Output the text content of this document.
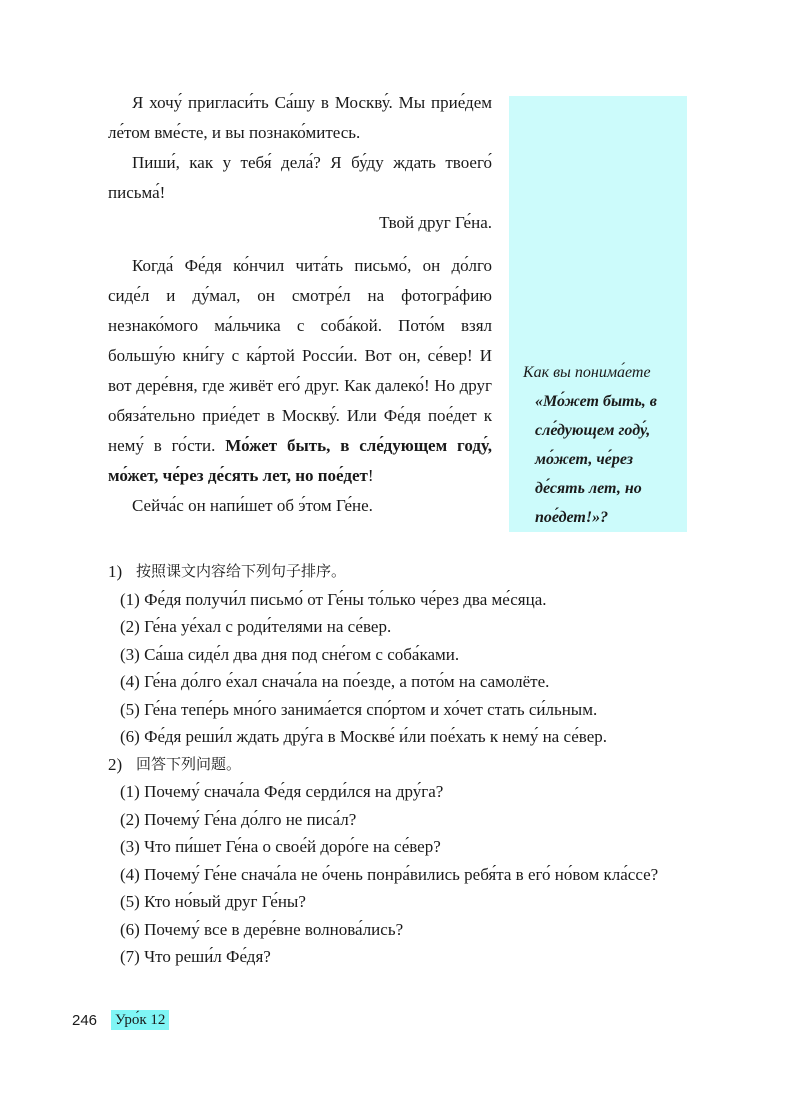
Я хочу́ пригласи́ть Са́шу в Москву́. Мы прие́дем ле́том вме́сте, и вы познако́митесь.

Пиши́, как у тебя́ дела́? Я бу́ду ждать твоего́ письма́!

Твой друг Ге́на.

Когда́ Фе́дя ко́нчил чита́ть письмо́, он до́лго сиде́л и ду́мал, он смотре́л на фотогра́фию незнако́мого ма́льчика с соба́кой. Пото́м взял большу́ю кни́гу с ка́ртой Росси́и. Вот он, се́вер! И вот дере́вня, где живёт его́ друг. Как далеко́! Но друг обяза́тельно прие́дет в Москву́. Или Фе́дя пое́дет к нему́ в го́сти. Мо́жет быть, в сле́дующем году́, мо́жет, че́рез де́сять лет, но пое́дет!

Сейча́с он напи́шет об э́том Ге́не.

Как вы понима́ете
«Мо́жет быть, в сле́дующем году́, мо́жет, че́рез де́сять лет, но пое́дет!»?
1) 按照课文内容给下列句子排序。
(1) Фе́дя получи́л письмо́ от Ге́ны то́лько че́рез два ме́сяца.
(2) Ге́на уе́хал с роди́телями на се́вер.
(3) Са́ша сиде́л два дня под сне́гом с соба́ками.
(4) Ге́на до́лго е́хал снача́ла на по́езде, а пото́м на самолёте.
(5) Ге́на тепе́рь мно́го занима́ется спо́ртом и хо́чет стать си́льным.
(6) Фе́дя реши́л ждать дру́га в Москве́ и́ли пое́хать к нему́ на се́вер.
2) 回答下列问题。
(1) Почему́ снача́ла Фе́дя серди́лся на дру́га?
(2) Почему́ Ге́на до́лго не писа́л?
(3) Что пи́шет Ге́на о свое́й доро́ге на се́вер?
(4) Почему́ Ге́не снача́ла не о́чень понра́вились ребя́та в его́ но́вом кла́ссе?
(5) Кто но́вый друг Ге́ны?
(6) Почему́ все в дере́вне волнова́лись?
(7) Что реши́л Фе́дя?
246 Уро́к 12
